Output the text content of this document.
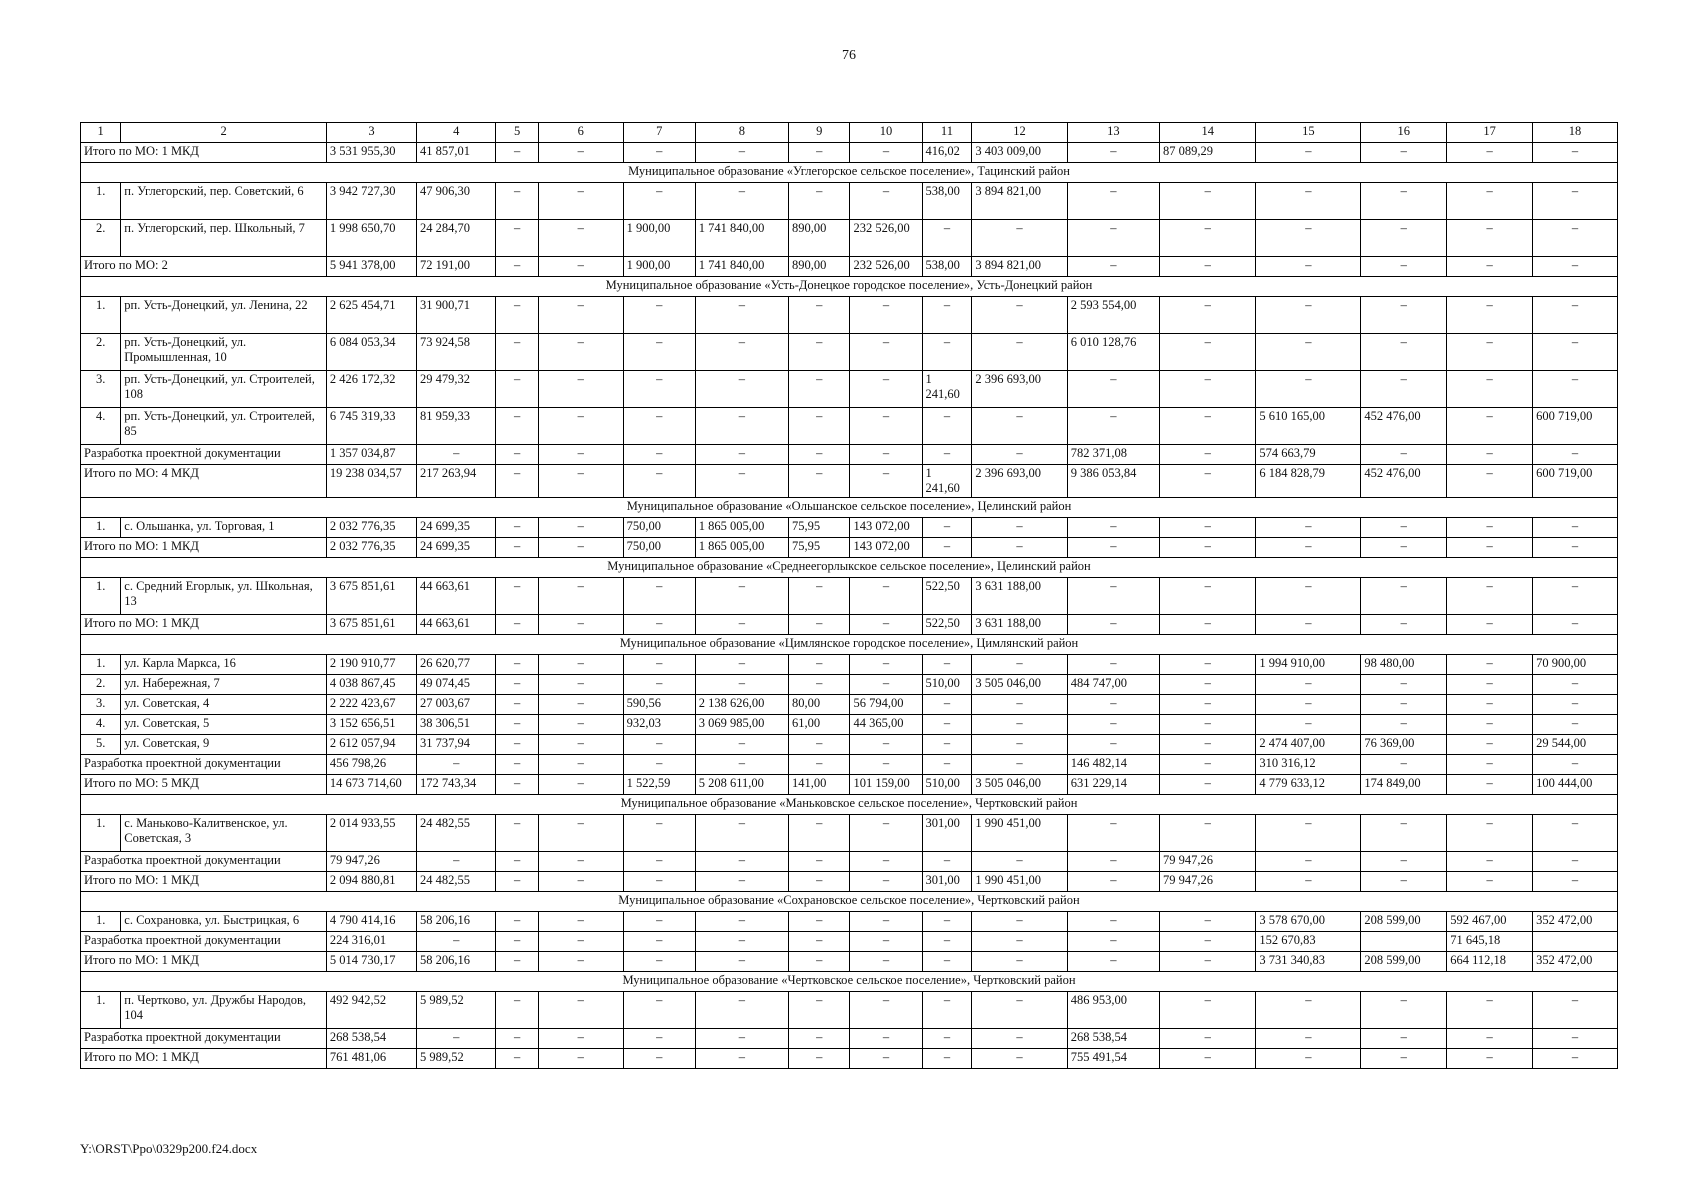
76
1	2	3	4	5	6	7	8	9	10	11	12	13	14	15	16	17	18
Итого по МО: 1 МКД		3 531 955,30	41 857,01	–	–	–	–	–	–	416,02	3 403 009,00	–	87 089,29	–	–	–	–
Муниципальное образование «Углегорское сельское поселение», Тацинский район																	
1.	п. Углегорский, пер. Советский, 6	3 942 727,30	47 906,30	–	–	–	–	–	–	538,00	3 894 821,00	–	–	–	–	–	–
2.	п. Углегорский, пер. Школьный, 7	1 998 650,70	24 284,70	–	–	1 900,00	1 741 840,00	890,00	232 526,00	–	–	–	–	–	–	–	–
Итого по МО: 2		5 941 378,00	72 191,00	–	–	1 900,00	1 741 840,00	890,00	232 526,00	538,00	3 894 821,00	–	–	–	–	–	–
Муниципальное образование «Усть-Донецкое городское поселение», Усть-Донецкий район																	
1.	рп. Усть-Донецкий, ул. Ленина, 22	2 625 454,71	31 900,71	–	–	–	–	–	–	–	–	2 593 554,00	–	–	–	–	–
2.	рп. Усть-Донецкий, ул. Промышленная, 10	6 084 053,34	73 924,58	–	–	–	–	–	–	–	–	6 010 128,76	–	–	–	–	–
3.	рп. Усть-Донецкий, ул. Строителей, 108	2 426 172,32	29 479,32	–	–	–	–	–	–	1 241,60	2 396 693,00	–	–	–	–	–	–
4.	рп. Усть-Донецкий, ул. Строителей, 85	6 745 319,33	81 959,33	–	–	–	–	–	–	–	–	–	–	5 610 165,00	452 476,00	–	600 719,00
Разработка проектной документации		1 357 034,87	–	–	–	–	–	–	–	–	–	782 371,08	–	574 663,79	–	–	–
Итого по МО: 4 МКД		19 238 034,57	217 263,94	–	–	–	–	–	–	1 241,60	2 396 693,00	9 386 053,84	–	6 184 828,79	452 476,00	–	600 719,00
Муниципальное образование «Ольшанское сельское поселение», Целинский район																	
1.	с. Ольшанка, ул. Торговая, 1	2 032 776,35	24 699,35	–	–	750,00	1 865 005,00	75,95	143 072,00	–	–	–	–	–	–	–	–
Итого по МО: 1 МКД		2 032 776,35	24 699,35	–	–	750,00	1 865 005,00	75,95	143 072,00	–	–	–	–	–	–	–	–
Муниципальное образование «Среднеегорлыкское сельское поселение», Целинский район																	
1.	с. Средний Егорлык, ул. Школьная, 13	3 675 851,61	44 663,61	–	–	–	–	–	–	522,50	3 631 188,00	–	–	–	–	–	–
Итого по МО: 1 МКД		3 675 851,61	44 663,61	–	–	–	–	–	–	522,50	3 631 188,00	–	–	–	–	–	–
Муниципальное образование «Цимлянское городское поселение», Цимлянский район																	
1.	ул. Карла Маркса, 16	2 190 910,77	26 620,77	–	–	–	–	–	–	–	–	–	–	1 994 910,00	98 480,00	–	70 900,00
2.	ул. Набережная, 7	4 038 867,45	49 074,45	–	–	–	–	–	–	510,00	3 505 046,00	484 747,00	–	–	–	–	–
3.	ул. Советская, 4	2 222 423,67	27 003,67	–	–	590,56	2 138 626,00	80,00	56 794,00	–	–	–	–	–	–	–	–
4.	ул. Советская, 5	3 152 656,51	38 306,51	–	–	932,03	3 069 985,00	61,00	44 365,00	–	–	–	–	–	–	–	–
5.	ул. Советская, 9	2 612 057,94	31 737,94	–	–	–	–	–	–	–	–	–	–	2 474 407,00	76 369,00	–	29 544,00
Разработка проектной документации		456 798,26	–	–	–	–	–	–	–	–	–	146 482,14	–	310 316,12	–	–	–
Итого по МО: 5 МКД		14 673 714,60	172 743,34	–	–	1 522,59	5 208 611,00	141,00	101 159,00	510,00	3 505 046,00	631 229,14	–	4 779 633,12	174 849,00	–	100 444,00
Муниципальное образование «Маньковское сельское поселение», Чертковский район																	
1.	с. Маньково-Калитвенское, ул. Советская, 3	2 014 933,55	24 482,55	–	–	–	–	–	–	301,00	1 990 451,00	–	–	–	–	–	–
Разработка проектной документации		79 947,26	–	–	–	–	–	–	–	–	–	–	79 947,26	–	–	–	–
Итого по МО: 1 МКД		2 094 880,81	24 482,55	–	–	–	–	–	–	301,00	1 990 451,00	–	79 947,26	–	–	–	–
Муниципальное образование «Сохрановское сельское поселение», Чертковский район																	
1.	с. Сохрановка, ул. Быстрицкая, 6	4 790 414,16	58 206,16	–	–	–	–	–	–	–	–	–	–	3 578 670,00	208 599,00	592 467,00	352 472,00
Разработка проектной документации		224 316,01	–	–	–	–	–	–	–	–	–	–	–	152 670,83		71 645,18	
Итого по МО: 1 МКД		5 014 730,17	58 206,16	–	–	–	–	–	–	–	–	–	–	3 731 340,83	208 599,00	664 112,18	352 472,00
Муниципальное образование «Чертковское сельское поселение», Чертковский район																	
1.	п. Чертково, ул. Дружбы Народов, 104	492 942,52	5 989,52	–	–	–	–	–	–	–	–	486 953,00	–	–	–	–	–
Разработка проектной документации		268 538,54	–	–	–	–	–	–	–	–	–	268 538,54	–	–	–	–	–
Итого по МО: 1 МКД		761 481,06	5 989,52	–	–	–	–	–	–	–	–	755 491,54	–	–	–	–	–
Y:\ORST\Ppo\0329p200.f24.docx
